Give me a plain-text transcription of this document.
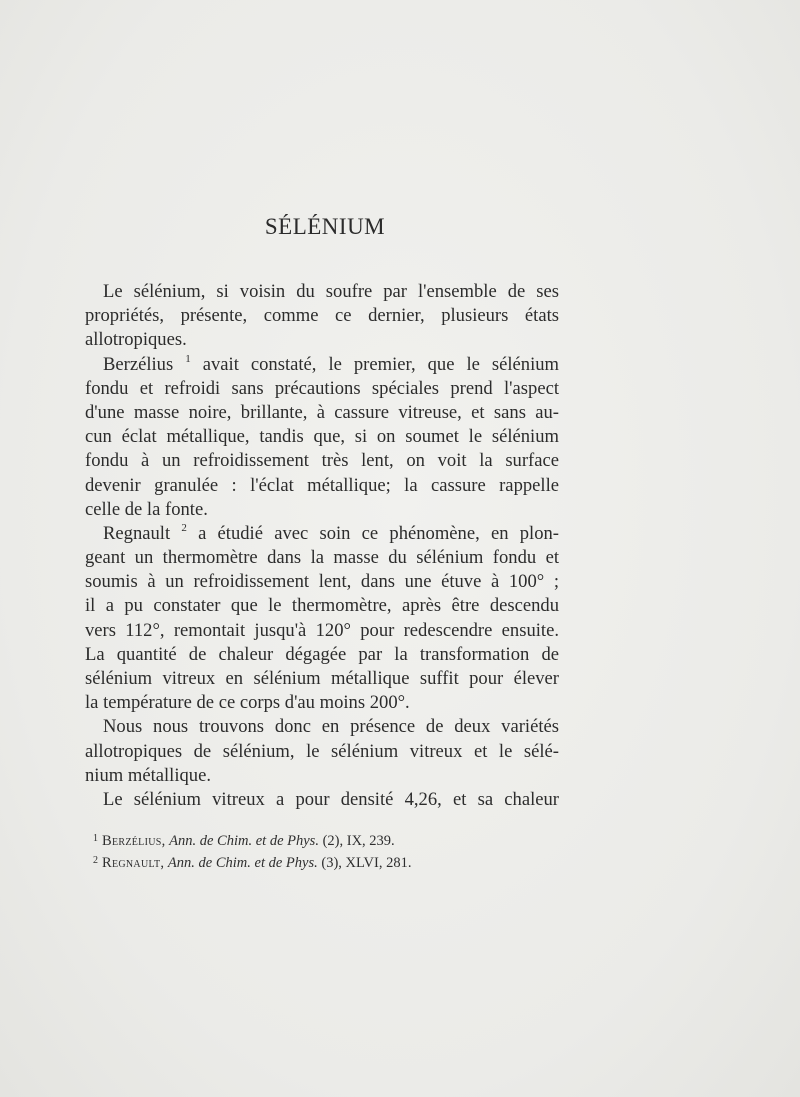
SÉLÉNIUM
Le sélénium, si voisin du soufre par l'ensemble de ses
propriétés, présente, comme ce dernier, plusieurs états
allotropiques.
Berzélius $^1$ avait constaté, le premier, que le sélénium
fondu et refroidi sans précautions spéciales prend l'aspect
d'une masse noire, brillante, à cassure vitreuse, et sans au-
cun éclat métallique, tandis que, si on soumet le sélénium
fondu à un refroidissement très lent, on voit la surface
devenir granulée : l'éclat métallique; la cassure rappelle
celle de la fonte.
Regnault $^2$ a étudié avec soin ce phénomène, en plon-
geant un thermomètre dans la masse du sélénium fondu et
soumis à un refroidissement lent, dans une étuve à 100° ;
il a pu constater que le thermomètre, après être descendu
vers 112°, remontait jusqu'à 120° pour redescendre ensuite.
La quantité de chaleur dégagée par la transformation de
sélénium vitreux en sélénium métallique suffit pour élever
la température de ce corps d'au moins 200°.
Nous nous trouvons donc en présence de deux variétés
allotropiques de sélénium, le sélénium vitreux et le sélé-
nium métallique.
Le sélénium vitreux a pour densité 4,26, et sa chaleur
$^1$ Berzélius, Ann. de Chim. et de Phys. (2), IX, 239.
$^2$ Regnault, Ann. de Chim. et de Phys. (3), XLVI, 281.
